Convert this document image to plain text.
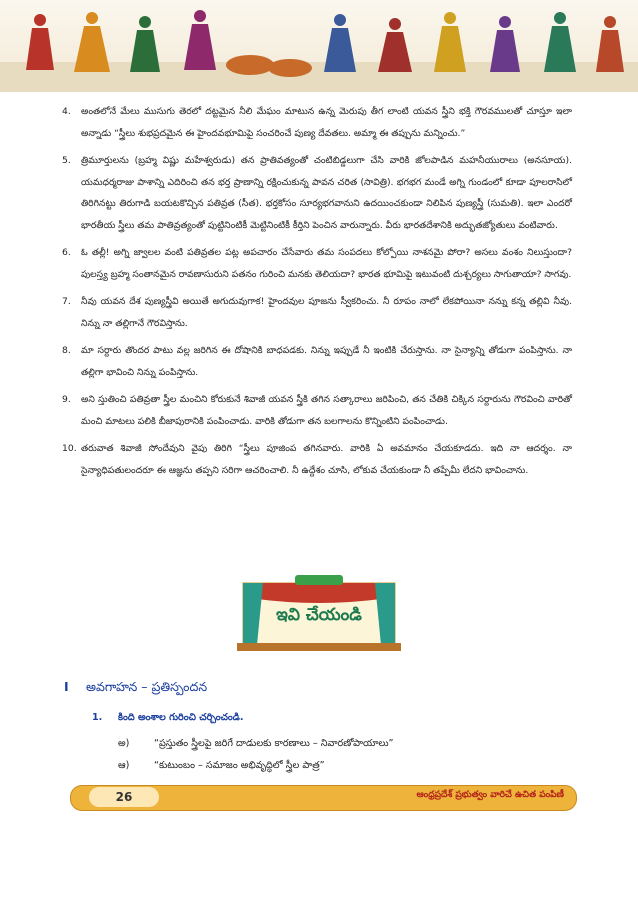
4.	అంతలోనే మేలు ముసుగు తెరలో దట్టమైన నీలి మేఘం మాటున ఉన్న మెరుపు తీగ లాంటి యవన స్త్రీని భక్తి గౌరవములతో చూస్తూ ఇలా అన్నాడు “స్త్రీలు శుభప్రదమైన ఈ హైందవభూమిపై సంచరించే పుణ్య దేవతలు. అమ్మా ఈ తప్పును మన్నించు.”
5.	త్రిమూర్తులను (బ్రహ్మ విష్ణు మహేశ్వరుడు) తన ప్రాతివత్యంతో చంటిబిడ్డలుగా చేసి వారికి జోలపాడిన మహనీయురాలు (అనసూయ). యమధర్మరాజు పాశాన్ని ఎదిరించి తన భర్త ప్రాణాన్ని రక్షించుకున్న పావన చరిత (సావిత్రి). భగభగ మండే అగ్ని గుండంలో కూడా పూలరాసిలో తిరిగినట్టు తిరుగాడి బయటకొచ్చిన పతివ్రత (సీత). భర్తకోసం సూర్యభగవానుని ఉదయించకుండా నిలిపిన పుణ్యస్త్రీ (సుమతి). ఇలా ఎందరో భారతీయ స్త్రీలు తమ పాతివ్రత్యంతో పుట్టినింటికీ మెట్టినింటికీ కీర్తిని పెంచిన వారున్నారు. వీరు భారతదేశానికి అద్భుతజ్యోతులు వంటివారు.
6.	ఓ తల్లీ! అగ్ని జ్వాలల వంటి పతివ్రతల పట్ల అపచారం చేసేవారు తమ సంపదలు కోల్పోయి నాశనమై పోరా? అసలు వంశం నిలుస్తుందా? పులస్త్య బ్రహ్మ సంతానమైన రావణాసురుని పతనం గురించి మనకు తెలియదా? భారత భూమిపై ఇటువంటి దుశ్చర్యలు సాగుతాయా? సాగవు.
7.	నీవు యవన దేశ పుణ్యస్త్రీవి అయితే అగుదువుగాక! హైందవుల పూజను స్వీకరించు. నీ రూపం నాలో లేకపోయినా నన్ను కన్న తల్లివి నీవు. నిన్ను నా తల్లిగానే గౌరవిస్తాను.
8.	మా సర్దారు తొందర పాటు వల్ల జరిగిన ఈ దోషానికి బాధపడకు. నిన్ను ఇప్పుడే నీ ఇంటికి చేరుస్తాను. నా సైన్యాన్ని తోడుగా పంపిస్తాను. నా తల్లిగా భావించి నిన్ను పంపిస్తాను.
9.	అని స్తుతించి పతివ్రతా స్త్రీల మంచిని కోరుకునే శివాజీ యవన స్త్రీకి తగిన సత్కారాలు జరిపించి, తన చేతికి చిక్కిన సర్దారును గౌరవించి వారితో మంచి మాటలు పలికి బీజాపురానికి పంపించాడు. వారికి తోడుగా తన బలగాలను కొన్నింటిని పంపించాడు.
10. తరువాత శివాజీ సోందేవుని వైపు తిరిగి “స్త్రీలు పూజింప తగినవారు. వారికి ఏ అవమానం చేయకూడదు. ఇది నా ఆదర్శం. నా సైన్యాధిపతులందరూ ఈ ఆజ్ఞను తప్పని సరిగా ఆచరించాలి. నీ ఉద్దేశం చూసి, లోకువ చేయకుండా నీ తప్పేమీ లేదని భావించాను.
ఇవి చేయండి
I	అవగాహన – ప్రతిస్పందన
1.	కింది అంశాల గురించి చర్చించండి.
అ)	“ప్రస్తుతం స్త్రీలపై జరిగే దాడులకు కారణాలు – నివారణోపాయాలు”
ఆ)	“కుటుంబం – సమాజం అభివృద్ధిలో స్త్రీల పాత్ర”
26	ఆంధ్రప్రదేశ్ ప్రభుత్వం వారిచే ఉచిత పంపిణీ
